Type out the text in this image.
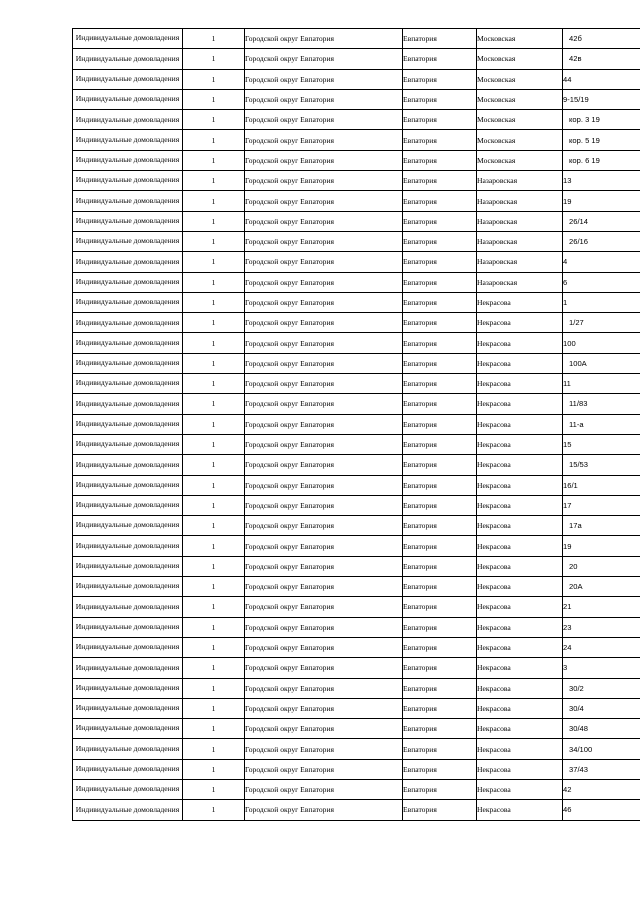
Индивидуальные домовладения	1	Городской округ Евпатория	Евпатория	Московская	42б
Индивидуальные домовладения	1	Городской округ Евпатория	Евпатория	Московская	42в
Индивидуальные домовладения	1	Городской округ Евпатория	Евпатория	Московская	44
Индивидуальные домовладения	1	Городской округ Евпатория	Евпатория	Московская	9-15/19
Индивидуальные домовладения	1	Городской округ Евпатория	Евпатория	Московская	кор. 3 19
Индивидуальные домовладения	1	Городской округ Евпатория	Евпатория	Московская	кор. 5 19
Индивидуальные домовладения	1	Городской округ Евпатория	Евпатория	Московская	кор. 6 19
Индивидуальные домовладения	1	Городской округ Евпатория	Евпатория	Назаровская	13
Индивидуальные домовладения	1	Городской округ Евпатория	Евпатория	Назаровская	19
Индивидуальные домовладения	1	Городской округ Евпатория	Евпатория	Назаровская	26/14
Индивидуальные домовладения	1	Городской округ Евпатория	Евпатория	Назаровская	26/16
Индивидуальные домовладения	1	Городской округ Евпатория	Евпатория	Назаровская	4
Индивидуальные домовладения	1	Городской округ Евпатория	Евпатория	Назаровская	6
Индивидуальные домовладения	1	Городской округ Евпатория	Евпатория	Некрасова	1
Индивидуальные домовладения	1	Городской округ Евпатория	Евпатория	Некрасова	1/27
Индивидуальные домовладения	1	Городской округ Евпатория	Евпатория	Некрасова	100
Индивидуальные домовладения	1	Городской округ Евпатория	Евпатория	Некрасова	100А
Индивидуальные домовладения	1	Городской округ Евпатория	Евпатория	Некрасова	11
Индивидуальные домовладения	1	Городской округ Евпатория	Евпатория	Некрасова	11/83
Индивидуальные домовладения	1	Городской округ Евпатория	Евпатория	Некрасова	11-а
Индивидуальные домовладения	1	Городской округ Евпатория	Евпатория	Некрасова	15
Индивидуальные домовладения	1	Городской округ Евпатория	Евпатория	Некрасова	15/53
Индивидуальные домовладения	1	Городской округ Евпатория	Евпатория	Некрасова	16/1
Индивидуальные домовладения	1	Городской округ Евпатория	Евпатория	Некрасова	17
Индивидуальные домовладения	1	Городской округ Евпатория	Евпатория	Некрасова	17а
Индивидуальные домовладения	1	Городской округ Евпатория	Евпатория	Некрасова	19
Индивидуальные домовладения	1	Городской округ Евпатория	Евпатория	Некрасова	20
Индивидуальные домовладения	1	Городской округ Евпатория	Евпатория	Некрасова	20А
Индивидуальные домовладения	1	Городской округ Евпатория	Евпатория	Некрасова	21
Индивидуальные домовладения	1	Городской округ Евпатория	Евпатория	Некрасова	23
Индивидуальные домовладения	1	Городской округ Евпатория	Евпатория	Некрасова	24
Индивидуальные домовладения	1	Городской округ Евпатория	Евпатория	Некрасова	3
Индивидуальные домовладения	1	Городской округ Евпатория	Евпатория	Некрасова	30/2
Индивидуальные домовладения	1	Городской округ Евпатория	Евпатория	Некрасова	30/4
Индивидуальные домовладения	1	Городской округ Евпатория	Евпатория	Некрасова	30/48
Индивидуальные домовладения	1	Городской округ Евпатория	Евпатория	Некрасова	34/100
Индивидуальные домовладения	1	Городской округ Евпатория	Евпатория	Некрасова	37/43
Индивидуальные домовладения	1	Городской округ Евпатория	Евпатория	Некрасова	42
Индивидуальные домовладения	1	Городской округ Евпатория	Евпатория	Некрасова	46
